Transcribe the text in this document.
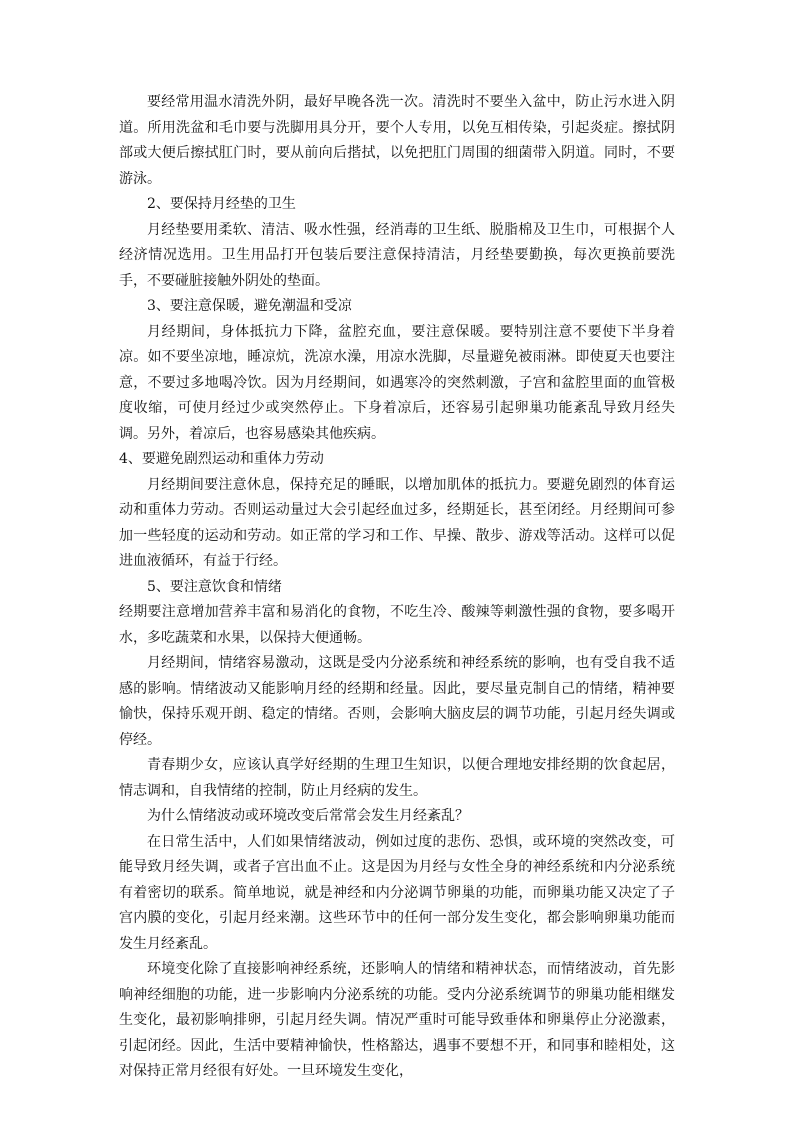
要经常用温水清洗外阴，最好早晚各洗一次。清洗时不要坐入盆中，防止污水进入阴道。所用洗盆和毛巾要与洗脚用具分开，要个人专用，以免互相传染，引起炎症。擦拭阴部或大便后擦拭肛门时，要从前向后揩拭，以免把肛门周围的细菌带入阴道。同时，不要游泳。

2、要保持月经垫的卫生

月经垫要用柔软、清洁、吸水性强，经消毒的卫生纸、脱脂棉及卫生巾，可根据个人经济情况选用。卫生用品打开包装后要注意保持清洁，月经垫要勤换，每次更换前要洗手，不要碰脏接触外阴处的垫面。

3、要注意保暖，避免潮温和受凉

月经期间，身体抵抗力下降，盆腔充血，要注意保暖。要特别注意不要使下半身着凉。如不要坐凉地，睡凉炕，洗凉水澡，用凉水洗脚，尽量避免被雨淋。即使夏天也要注意，不要过多地喝冷饮。因为月经期间，如遇寒冷的突然刺激，子宫和盆腔里面的血管极度收缩，可使月经过少或突然停止。下身着凉后，还容易引起卵巢功能紊乱导致月经失调。另外，着凉后，也容易感染其他疾病。

4、要避免剧烈运动和重体力劳动

月经期间要注意休息，保持充足的睡眠，以增加肌体的抵抗力。要避免剧烈的体育运动和重体力劳动。否则运动量过大会引起经血过多，经期延长，甚至闭经。月经期间可参加一些轻度的运动和劳动。如正常的学习和工作、早操、散步、游戏等活动。这样可以促进血液循环，有益于行经。

5、要注意饮食和情绪

经期要注意增加营养丰富和易消化的食物，不吃生冷、酸辣等刺激性强的食物，要多喝开水，多吃蔬菜和水果，以保持大便通畅。

月经期间，情绪容易激动，这既是受内分泌系统和神经系统的影响，也有受自我不适感的影响。情绪波动又能影响月经的经期和经量。因此，要尽量克制自己的情绪，精神要愉快，保持乐观开朗、稳定的情绪。否则，会影响大脑皮层的调节功能，引起月经失调或停经。

青春期少女，应该认真学好经期的生理卫生知识，以便合理地安排经期的饮食起居，情志调和，自我情绪的控制，防止月经病的发生。

为什么情绪波动或环境改变后常常会发生月经紊乱？

在日常生活中，人们如果情绪波动，例如过度的悲伤、恐惧，或环境的突然改变，可能导致月经失调，或者子宫出血不止。这是因为月经与女性全身的神经系统和内分泌系统有着密切的联系。简单地说，就是神经和内分泌调节卵巢的功能，而卵巢功能又决定了子宫内膜的变化，引起月经来潮。这些环节中的任何一部分发生变化，都会影响卵巢功能而发生月经紊乱。

环境变化除了直接影响神经系统，还影响人的情绪和精神状态，而情绪波动，首先影响神经细胞的功能，进一步影响内分泌系统的功能。受内分泌系统调节的卵巢功能相继发生变化，最初影响排卵，引起月经失调。情况严重时可能导致垂体和卵巢停止分泌激素，引起闭经。因此，生活中要精神愉快，性格豁达，遇事不要想不开，和同事和睦相处，这对保持正常月经很有好处。一旦环境发生变化，
